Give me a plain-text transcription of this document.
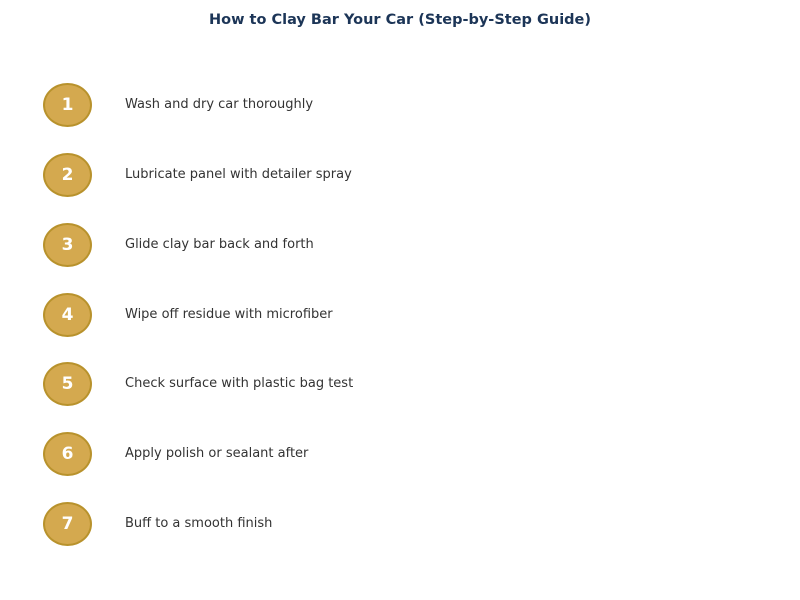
How to Clay Bar Your Car (Step-by-Step Guide)
1	Wash and dry car thoroughly
2	Lubricate panel with detailer spray
3	Glide clay bar back and forth
4	Wipe off residue with microfiber
5	Check surface with plastic bag test
6	Apply polish or sealant after
7	Buff to a smooth finish
